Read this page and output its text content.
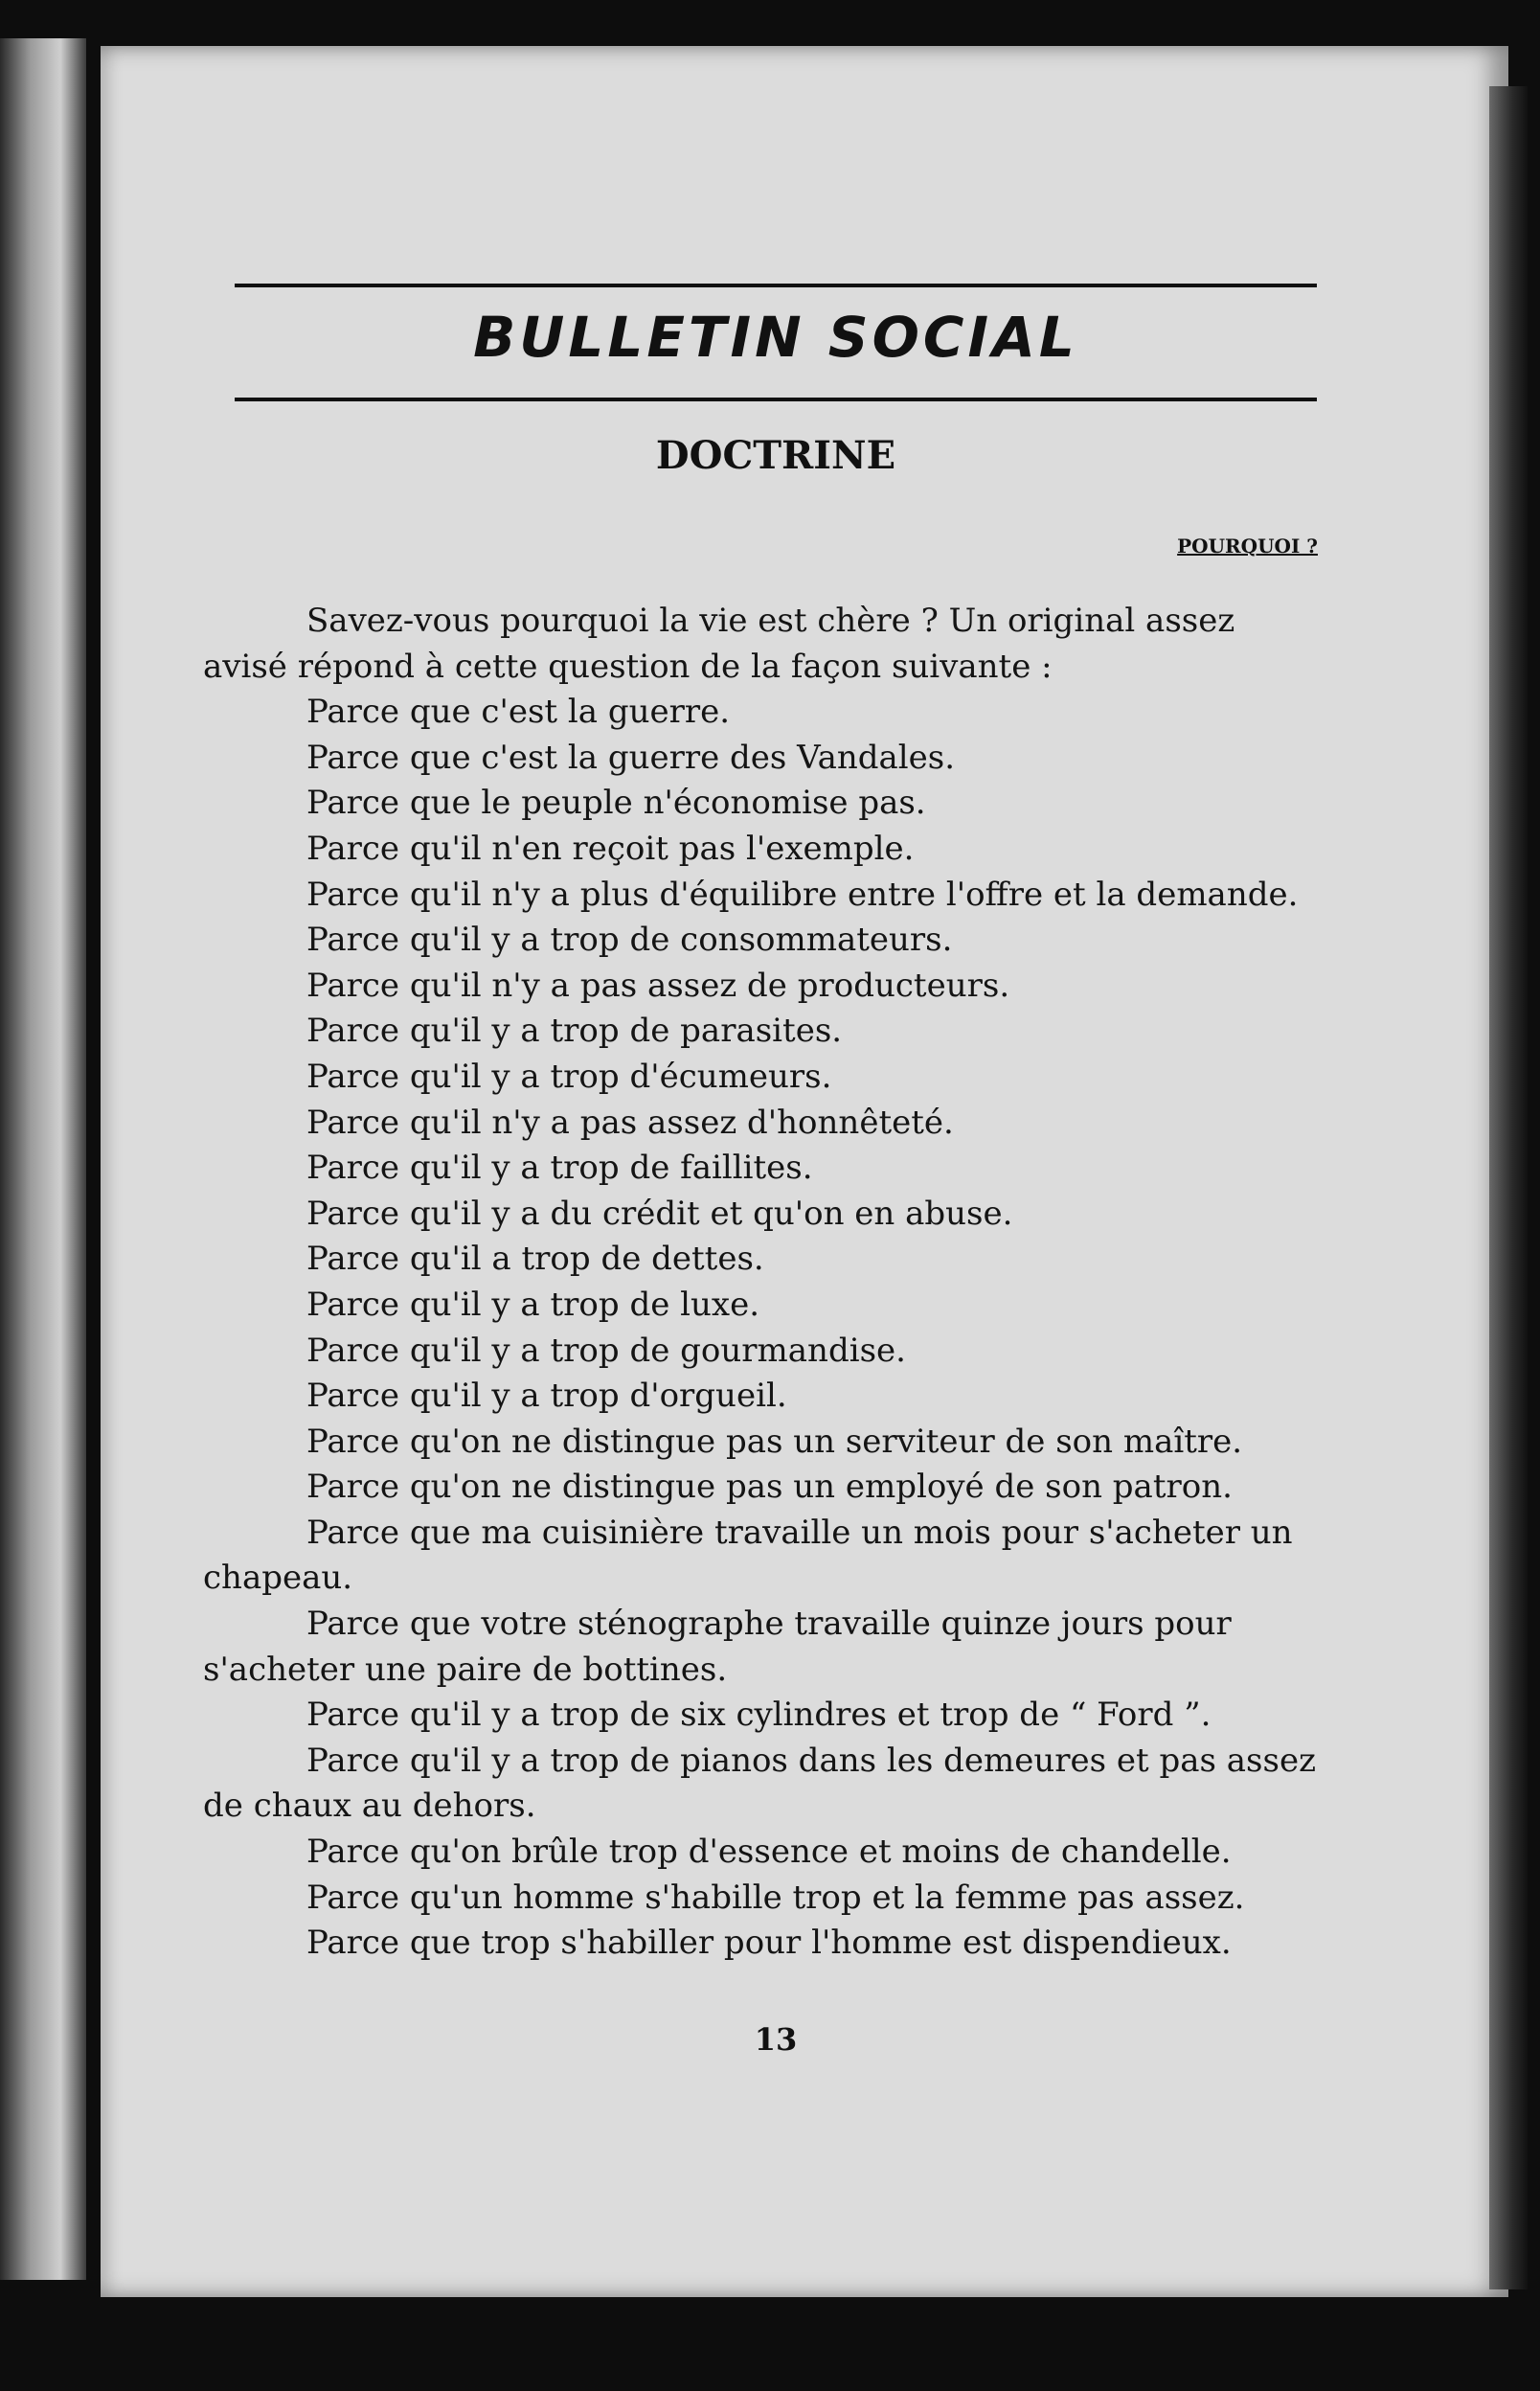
BULLETIN SOCIAL
DOCTRINE
POURQUOI ?

Savez-vous pourquoi la vie est chère ? Un original assez avisé répond à cette question de la façon suivante :

Parce que c'est la guerre.
Parce que c'est la guerre des Vandales.
Parce que le peuple n'économise pas.
Parce qu'il n'en reçoit pas l'exemple.
Parce qu'il n'y a plus d'équilibre entre l'offre et la demande.
Parce qu'il y a trop de consommateurs.
Parce qu'il n'y a pas assez de producteurs.
Parce qu'il y a trop de parasites.
Parce qu'il y a trop d'écumeurs.
Parce qu'il n'y a pas assez d'honnêteté.
Parce qu'il y a trop de faillites.
Parce qu'il y a du crédit et qu'on en abuse.
Parce qu'il a trop de dettes.
Parce qu'il y a trop de luxe.
Parce qu'il y a trop de gourmandise.
Parce qu'il y a trop d'orgueil.
Parce qu'on ne distingue pas un serviteur de son maître.
Parce qu'on ne distingue pas un employé de son patron.
Parce que ma cuisinière travaille un mois pour s'acheter un chapeau.
Parce que votre sténographe travaille quinze jours pour s'acheter une paire de bottines.
Parce qu'il y a trop de six cylindres et trop de “ Ford ”.
Parce qu'il y a trop de pianos dans les demeures et pas assez de chaux au dehors.
Parce qu'on brûle trop d'essence et moins de chandelle.
Parce qu'un homme s'habille trop et la femme pas assez.
Parce que trop s'habiller pour l'homme est dispendieux.
13
